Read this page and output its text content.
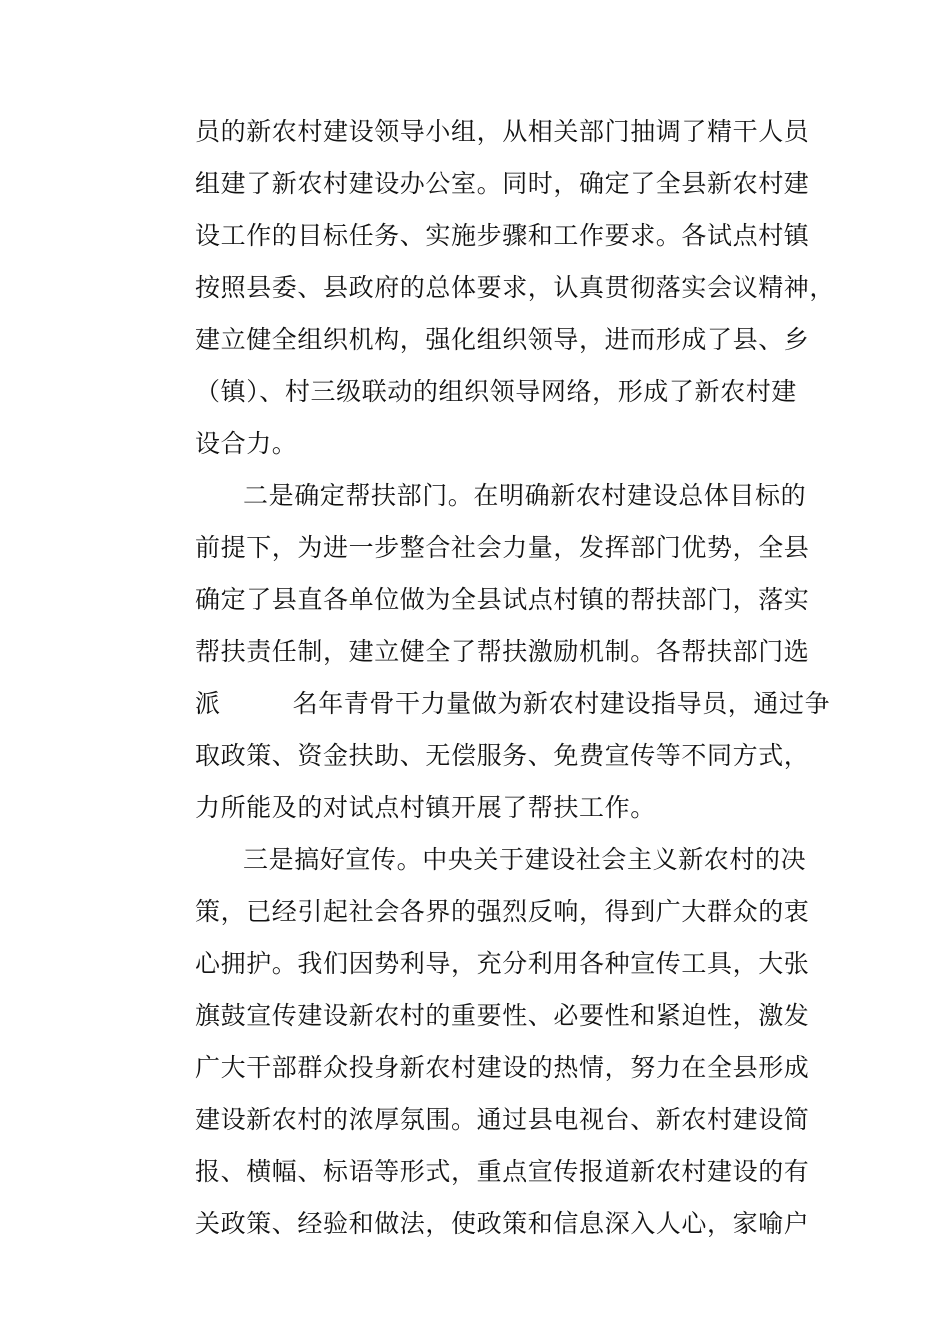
员的新农村建设领导小组，从相关部门抽调了精干人员
组建了新农村建设办公室。同时，确定了全县新农村建
设工作的目标任务、实施步骤和工作要求。各试点村镇
按照县委、县政府的总体要求，认真贯彻落实会议精神，
建立健全组织机构，强化组织领导，进而形成了县、乡
（镇）、村三级联动的组织领导网络，形成了新农村建
设合力。
二是确定帮扶部门。在明确新农村建设总体目标的
前提下，为进一步整合社会力量，发挥部门优势，全县
确定了县直各单位做为全县试点村镇的帮扶部门，落实
帮扶责任制，建立健全了帮扶激励机制。各帮扶部门选
派	名年青骨干力量做为新农村建设指导员，通过争
取政策、资金扶助、无偿服务、免费宣传等不同方式，
力所能及的对试点村镇开展了帮扶工作。
三是搞好宣传。中央关于建设社会主义新农村的决
策，已经引起社会各界的强烈反响，得到广大群众的衷
心拥护。我们因势利导，充分利用各种宣传工具，大张
旗鼓宣传建设新农村的重要性、必要性和紧迫性，激发
广大干部群众投身新农村建设的热情，努力在全县形成
建设新农村的浓厚氛围。通过县电视台、新农村建设简
报、横幅、标语等形式，重点宣传报道新农村建设的有
关政策、经验和做法，使政策和信息深入人心，家喻户
